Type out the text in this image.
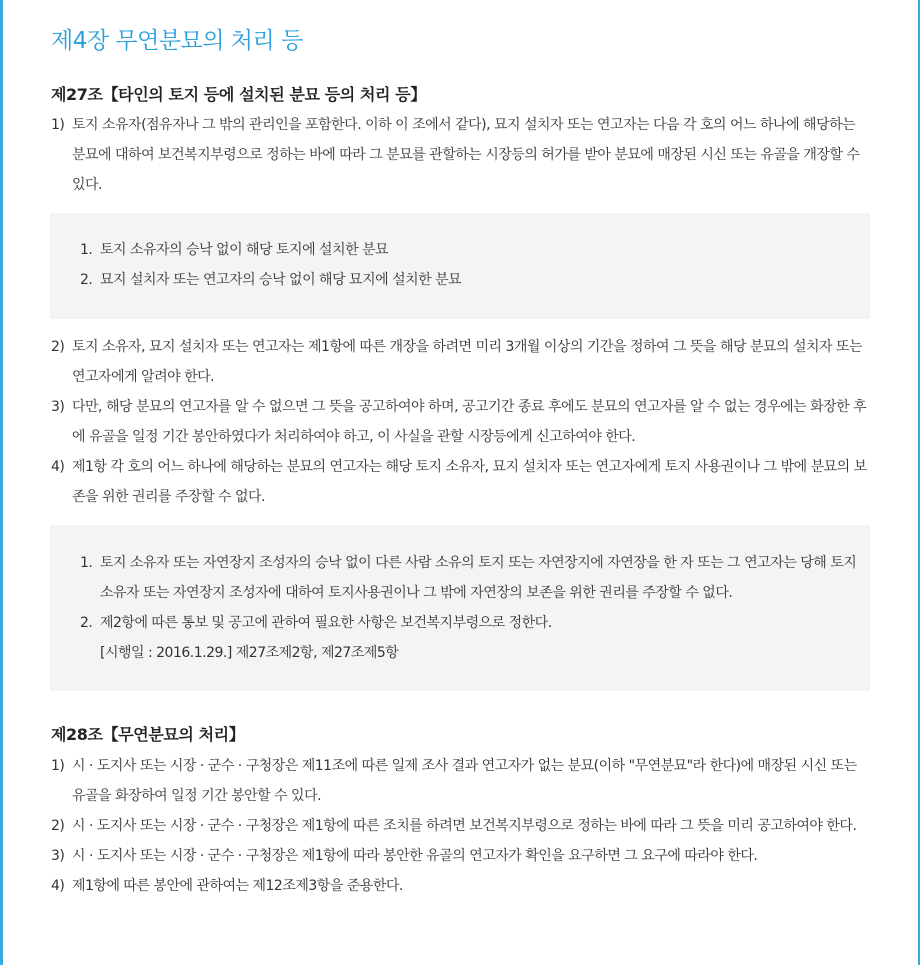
제4장 무연분묘의 처리 등
제27조【타인의 토지 등에 설치된 분묘 등의 처리 등】
1) 토지 소유자(점유자나 그 밖의 관리인을 포함한다. 이하 이 조에서 같다), 묘지 설치자 또는 연고자는 다음 각 호의 어느 하나에 해당하는 분묘에 대하여 보건복지부령으로 정하는 바에 따라 그 분묘를 관할하는 시장등의 허가를 받아 분묘에 매장된 시신 또는 유골을 개장할 수 있다.
1. 토지 소유자의 승낙 없이 해당 토지에 설치한 분묘
2. 묘지 설치자 또는 연고자의 승낙 없이 해당 묘지에 설치한 분묘
2) 토지 소유자, 묘지 설치자 또는 연고자는 제1항에 따른 개장을 하려면 미리 3개월 이상의 기간을 정하여 그 뜻을 해당 분묘의 설치자 또는 연고자에게 알려야 한다.
3) 다만, 해당 분묘의 연고자를 알 수 없으면 그 뜻을 공고하여야 하며, 공고기간 종료 후에도 분묘의 연고자를 알 수 없는 경우에는 화장한 후에 유골을 일정 기간 봉안하였다가 처리하여야 하고, 이 사실을 관할 시장등에게 신고하여야 한다.
4) 제1항 각 호의 어느 하나에 해당하는 분묘의 연고자는 해당 토지 소유자, 묘지 설치자 또는 연고자에게 토지 사용권이나 그 밖에 분묘의 보존을 위한 권리를 주장할 수 없다.
1. 토지 소유자 또는 자연장지 조성자의 승낙 없이 다른 사람 소유의 토지 또는 자연장지에 자연장을 한 자 또는 그 연고자는 당해 토지 소유자 또는 자연장지 조성자에 대하여 토지사용권이나 그 밖에 자연장의 보존을 위한 권리를 주장할 수 없다.
2. 제2항에 따른 통보 및 공고에 관하여 필요한 사항은 보건복지부령으로 정한다.
[시행일 : 2016.1.29.] 제27조제2항, 제27조제5항
제28조【무연분묘의 처리】
1) 시 · 도지사 또는 시장 · 군수 · 구청장은 제11조에 따른 일제 조사 결과 연고자가 없는 분묘(이하 "무연분묘"라 한다)에 매장된 시신 또는 유골을 화장하여 일정 기간 봉안할 수 있다.
2) 시 · 도지사 또는 시장 · 군수 · 구청장은 제1항에 따른 조치를 하려면 보건복지부령으로 정하는 바에 따라 그 뜻을 미리 공고하여야 한다.
3) 시 · 도지사 또는 시장 · 군수 · 구청장은 제1항에 따라 봉안한 유골의 연고자가 확인을 요구하면 그 요구에 따라야 한다.
4) 제1항에 따른 봉안에 관하여는 제12조제3항을 준용한다.
